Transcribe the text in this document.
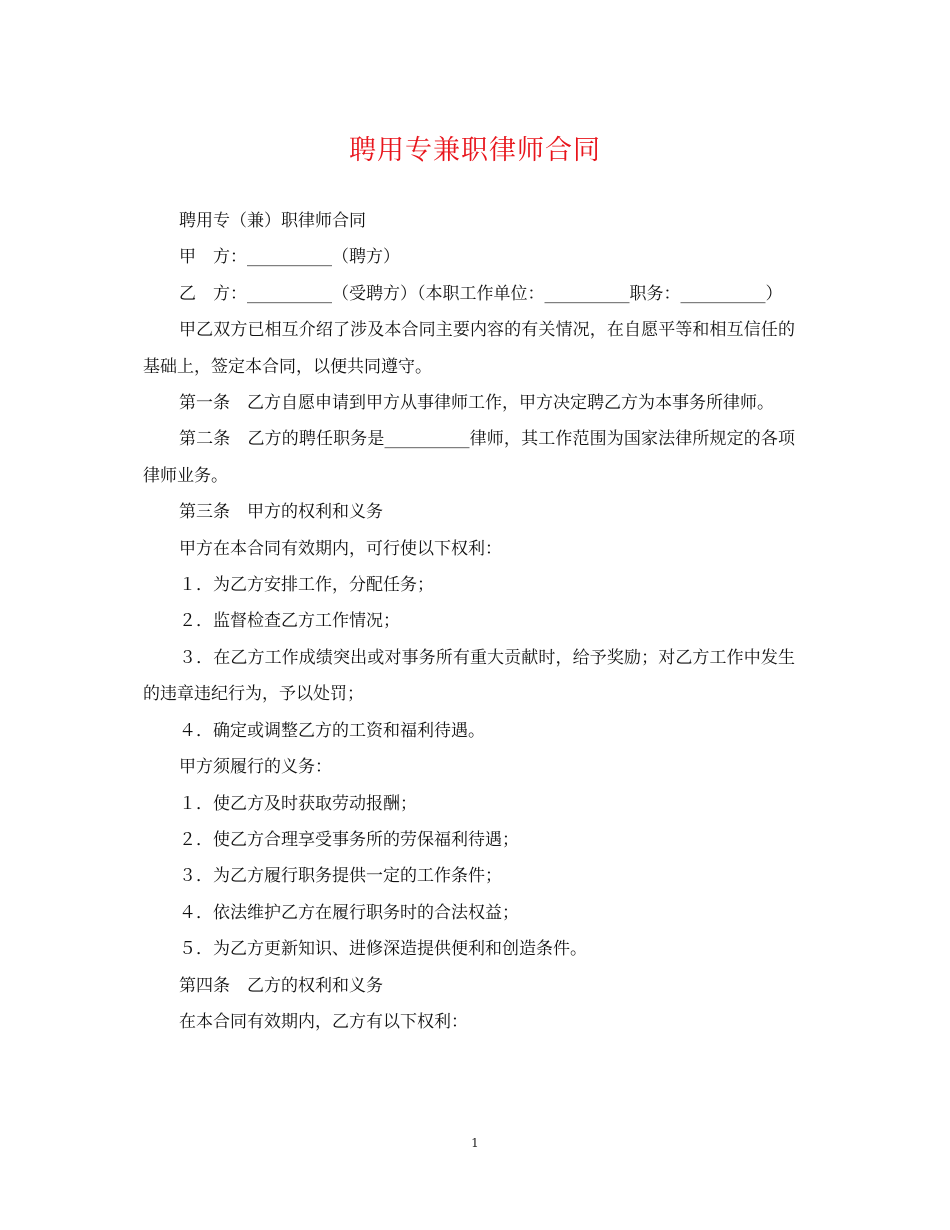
聘用专兼职律师合同

聘用专（兼）职律师合同

甲　方：__________（聘方）

乙　方：__________（受聘方）（本职工作单位：__________职务：__________）

甲乙双方已相互介绍了涉及本合同主要内容的有关情况，在自愿平等和相互信任的基础上，签定本合同，以便共同遵守。

第一条　乙方自愿申请到甲方从事律师工作，甲方决定聘乙方为本事务所律师。

第二条　乙方的聘任职务是__________律师，其工作范围为国家法律所规定的各项律师业务。

第三条　甲方的权利和义务

甲方在本合同有效期内，可行使以下权利：

１．为乙方安排工作，分配任务；

２．监督检查乙方工作情况；

３．在乙方工作成绩突出或对事务所有重大贡献时，给予奖励；对乙方工作中发生的违章违纪行为，予以处罚；

４．确定或调整乙方的工资和福利待遇。

甲方须履行的义务：

１．使乙方及时获取劳动报酬；

２．使乙方合理享受事务所的劳保福利待遇；

３．为乙方履行职务提供一定的工作条件；

４．依法维护乙方在履行职务时的合法权益；

５．为乙方更新知识、进修深造提供便利和创造条件。

第四条　乙方的权利和义务

在本合同有效期内，乙方有以下权利：

1
